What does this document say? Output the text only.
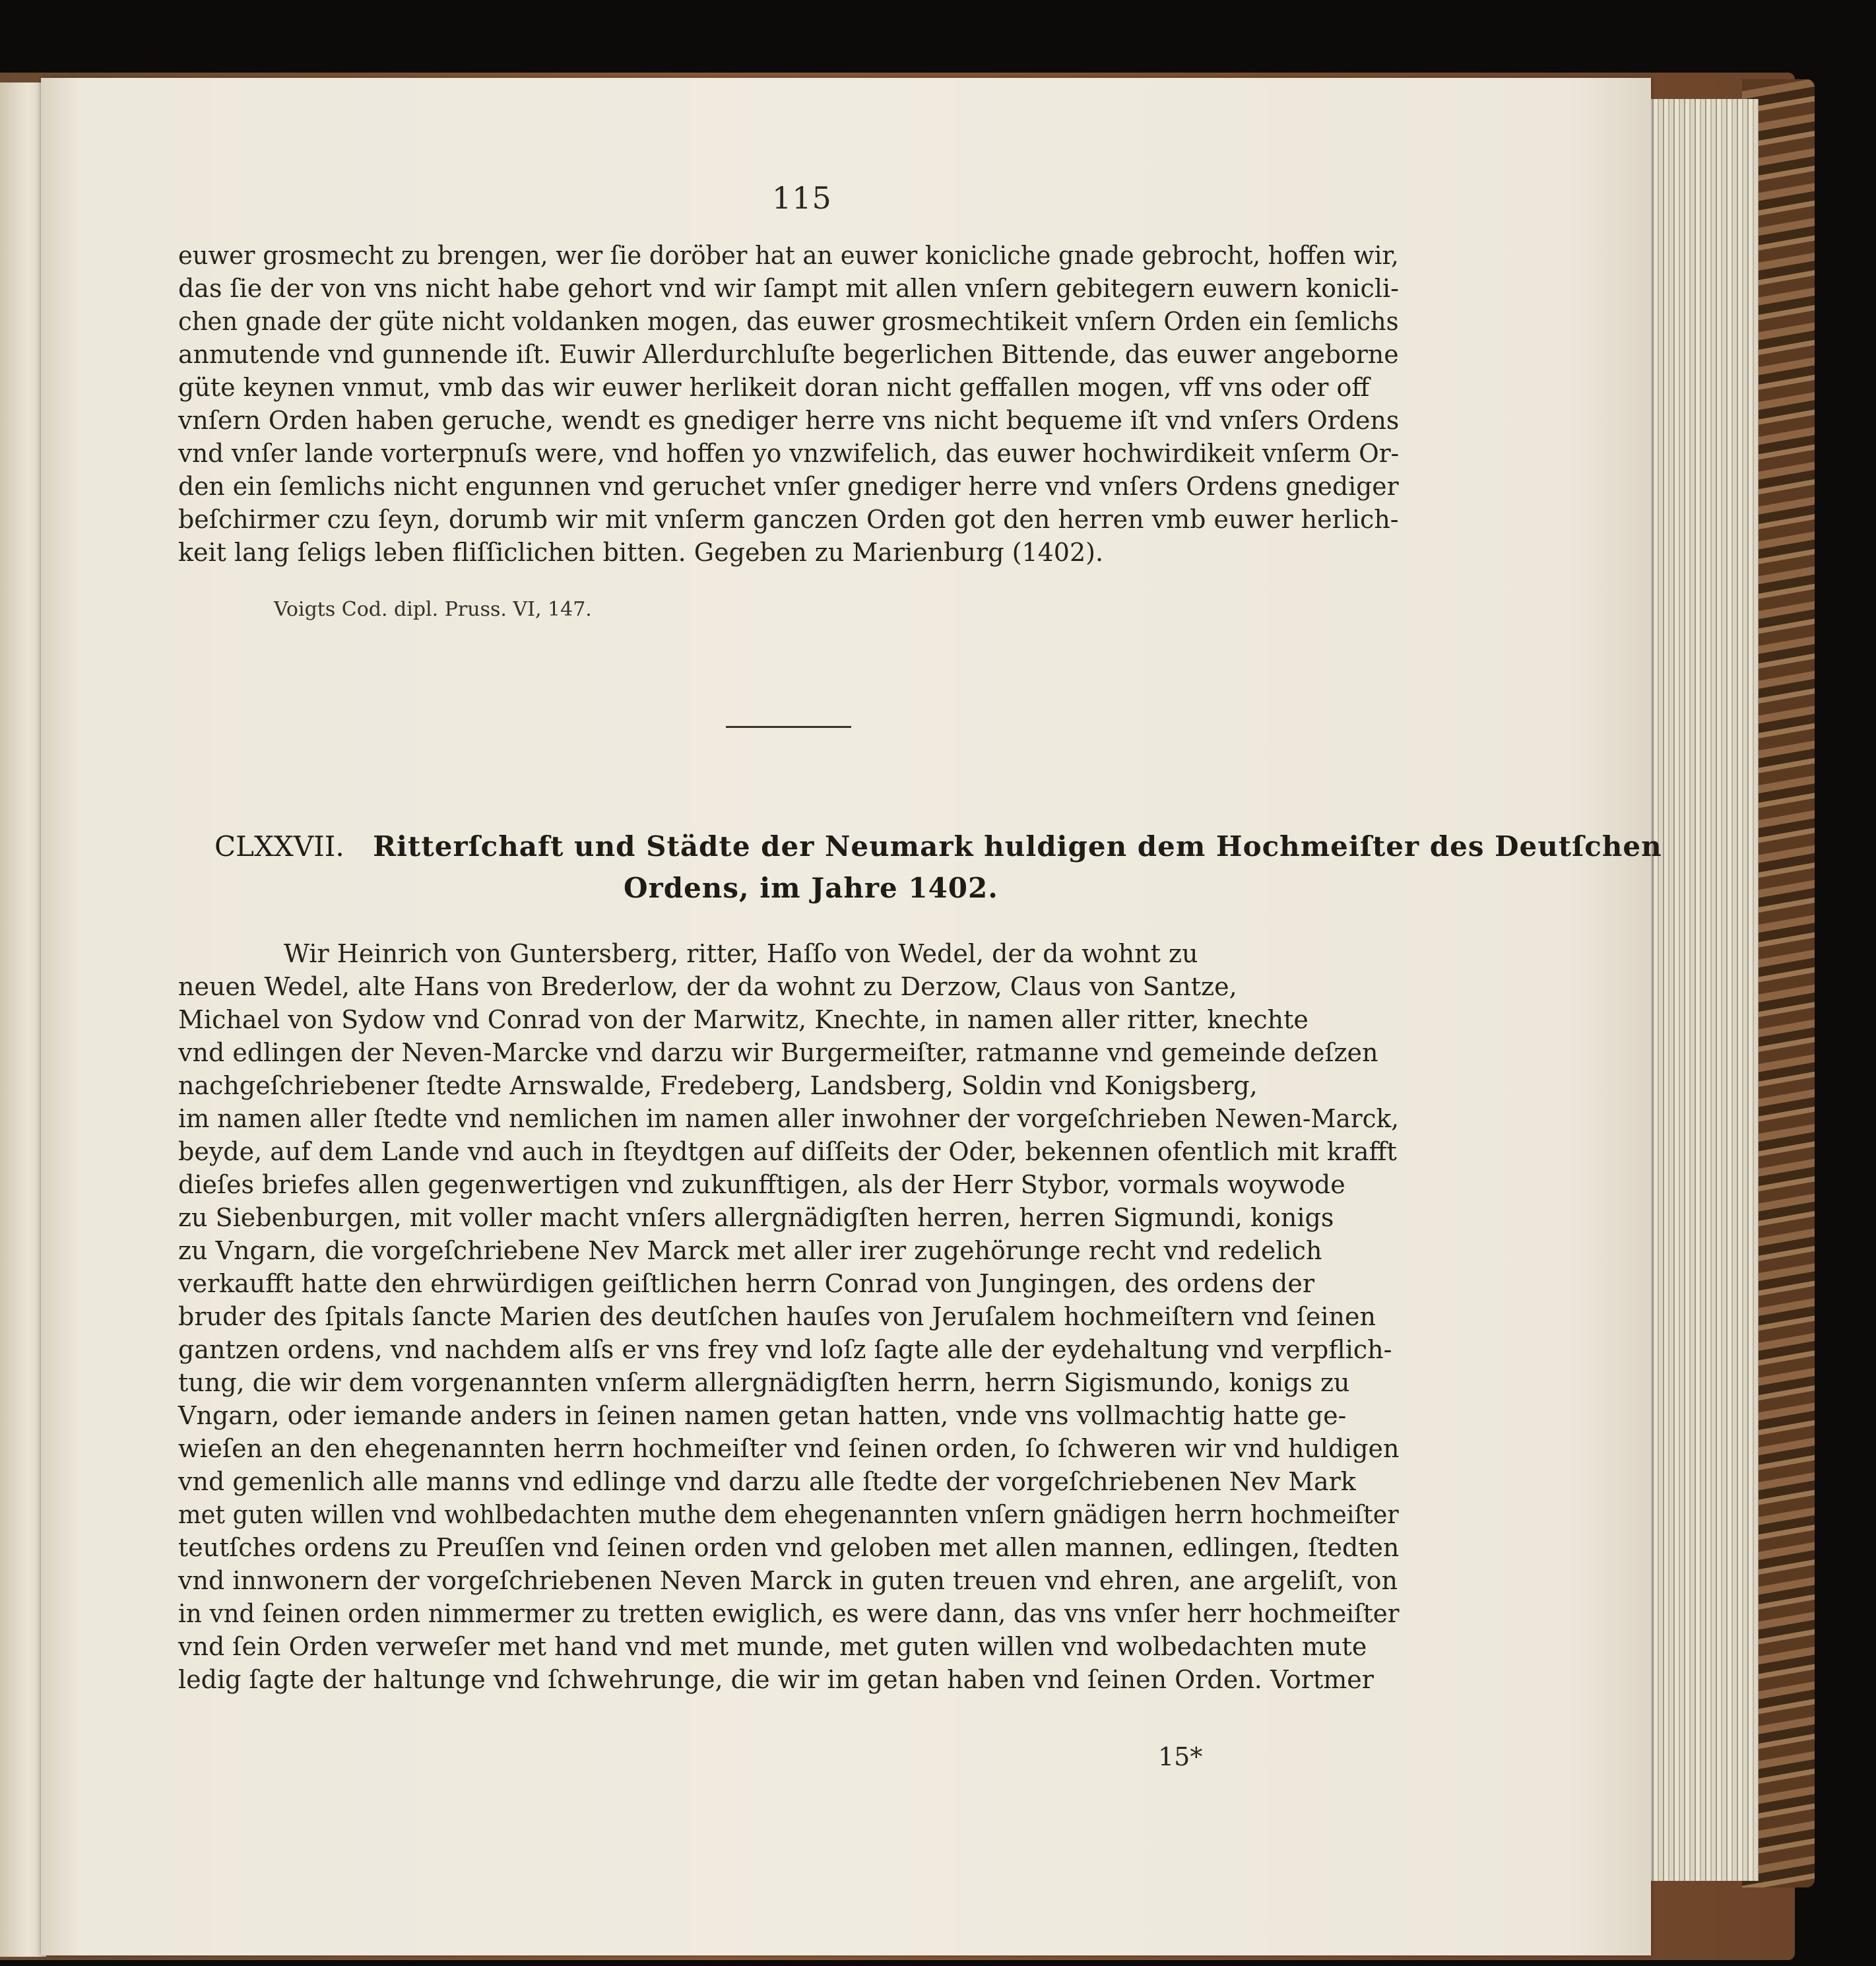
115
euwer grosmecht zu brengen, wer ſie doröber hat an euwer konicliche gnade gebrocht, hoffen wir,
das ſie der von vns nicht habe gehort vnd wir ſampt mit allen vnſern gebitegern euwern konicli-
chen gnade der güte nicht voldanken mogen, das euwer grosmechtikeit vnſern Orden ein ſemlichs
anmutende vnd gunnende iſt. Euwir Allerdurchluſte begerlichen Bittende, das euwer angeborne
güte keynen vnmut, vmb das wir euwer herlikeit doran nicht geffallen mogen, vff vns oder off
vnſern Orden haben geruche, wendt es gnediger herre vns nicht bequeme iſt vnd vnſers Ordens
vnd vnſer lande vorterpnuſs were, vnd hoffen yo vnzwifelich, das euwer hochwirdikeit vnſerm Or-
den ein ſemlichs nicht engunnen vnd geruchet vnſer gnediger herre vnd vnſers Ordens gnediger
beſchirmer czu ſeyn, dorumb wir mit vnſerm ganczen Orden got den herren vmb euwer herlich-
keit lang ſeligs leben fliſſiclichen bitten. Gegeben zu Marienburg (1402).
Voigts Cod. dipl. Pruss. VI, 147.
CLXXVII. Ritterſchaft und Städte der Neumark huldigen dem Hochmeiſter des Deutſchen
Ordens, im Jahre 1402.
Wir Heinrich von Guntersberg, ritter, Haſſo von Wedel, der da wohnt zu
neuen Wedel, alte Hans von Brederlow, der da wohnt zu Derzow, Claus von Santze,
Michael von Sydow vnd Conrad von der Marwitz, Knechte, in namen aller ritter, knechte
vnd edlingen der Neven-Marcke vnd darzu wir Burgermeiſter, ratmanne vnd gemeinde deſzen
nachgeſchriebener ſtedte Arnswalde, Fredeberg, Landsberg, Soldin vnd Konigsberg,
im namen aller ſtedte vnd nemlichen im namen aller inwohner der vorgeſchrieben Newen-Marck,
beyde, auf dem Lande vnd auch in ſteydtgen auf diſſeits der Oder, bekennen ofentlich mit krafft
dieſes briefes allen gegenwertigen vnd zukunfftigen, als der Herr Stybor, vormals woywode
zu Siebenburgen, mit voller macht vnſers allergnädigſten herren, herren Sigmundi, konigs
zu Vngarn, die vorgeſchriebene Nev Marck met aller irer zugehörunge recht vnd redelich
verkaufft hatte den ehrwürdigen geiſtlichen herrn Conrad von Jungingen, des ordens der
bruder des ſpitals ſancte Marien des deutſchen hauſes von Jeruſalem hochmeiſtern vnd ſeinen
gantzen ordens, vnd nachdem alſs er vns frey vnd loſz ſagte alle der eydehaltung vnd verpflich-
tung, die wir dem vorgenannten vnſerm allergnädigſten herrn, herrn Sigismundo, konigs zu
Vngarn, oder iemande anders in ſeinen namen getan hatten, vnde vns vollmachtig hatte ge-
wieſen an den ehegenannten herrn hochmeiſter vnd ſeinen orden, ſo ſchweren wir vnd huldigen
vnd gemenlich alle manns vnd edlinge vnd darzu alle ſtedte der vorgeſchriebenen Nev Mark
met guten willen vnd wohlbedachten muthe dem ehegenannten vnſern gnädigen herrn hochmeiſter
teutſches ordens zu Preuſſen vnd ſeinen orden vnd geloben met allen mannen, edlingen, ſtedten
vnd innwonern der vorgeſchriebenen Neven Marck in guten treuen vnd ehren, ane argeliſt, von
in vnd ſeinen orden nimmermer zu tretten ewiglich, es were dann, das vns vnſer herr hochmeiſter
vnd ſein Orden verweſer met hand vnd met munde, met guten willen vnd wolbedachten mute
ledig ſagte der haltunge vnd ſchwehrunge, die wir im getan haben vnd ſeinen Orden. Vortmer
15*
